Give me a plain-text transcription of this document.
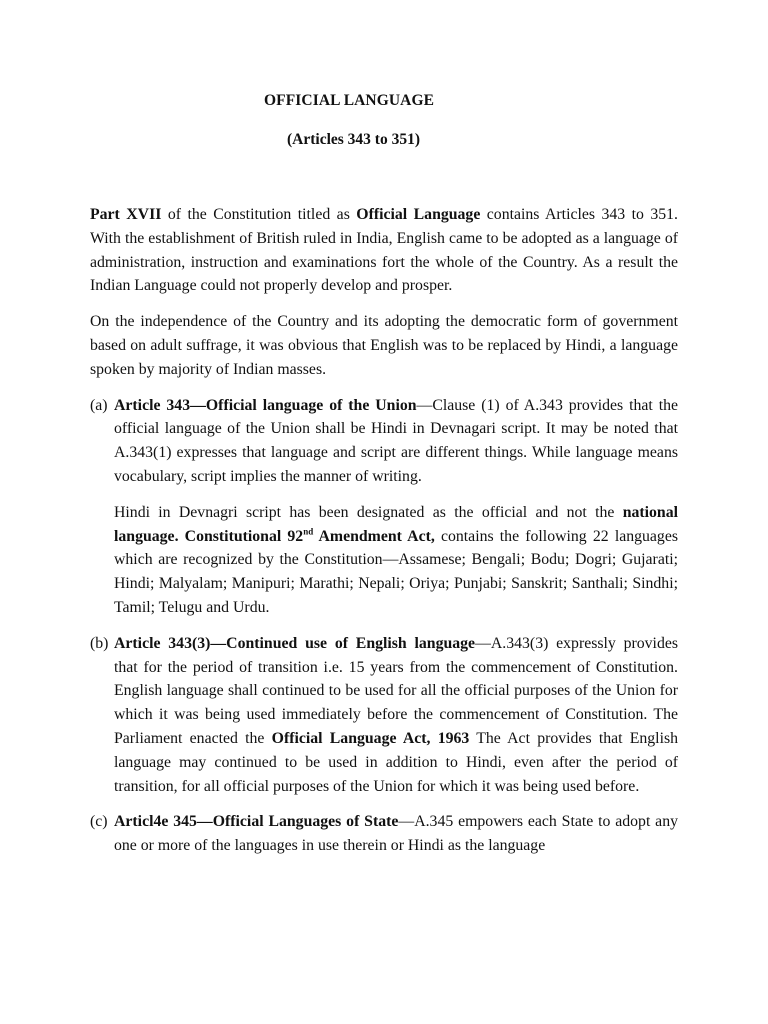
OFFICIAL LANGUAGE
(Articles 343 to 351)

Part XVII of the Constitution titled as Official Language contains Articles 343 to 351. With the establishment of British ruled in India, English came to be adopted as a language of administration, instruction and examinations fort the whole of the Country. As a result the Indian Language could not properly develop and prosper.

On the independence of the Country and its adopting the democratic form of government based on adult suffrage, it was obvious that English was to be replaced by Hindi, a language spoken by majority of Indian masses.

(a) Article 343—Official language of the Union—Clause (1) of A.343 provides that the official language of the Union shall be Hindi in Devnagari script. It may be noted that A.343(1) expresses that language and script are different things. While language means vocabulary, script implies the manner of writing.

Hindi in Devnagri script has been designated as the official and not the national language. Constitutional 92nd Amendment Act, contains the following 22 languages which are recognized by the Constitution—Assamese; Bengali; Bodu; Dogri; Gujarati; Hindi; Malyalam; Manipuri; Marathi; Nepali; Oriya; Punjabi; Sanskrit; Santhali; Sindhi; Tamil; Telugu and Urdu.

(b) Article 343(3)—Continued use of English language—A.343(3) expressly provides that for the period of transition i.e. 15 years from the commencement of Constitution. English language shall continued to be used for all the official purposes of the Union for which it was being used immediately before the commencement of Constitution. The Parliament enacted the Official Language Act, 1963 The Act provides that English language may continued to be used in addition to Hindi, even after the period of transition, for all official purposes of the Union for which it was being used before.

(c) Articl4e 345—Official Languages of State—A.345 empowers each State to adopt any one or more of the languages in use therein or Hindi as the language
